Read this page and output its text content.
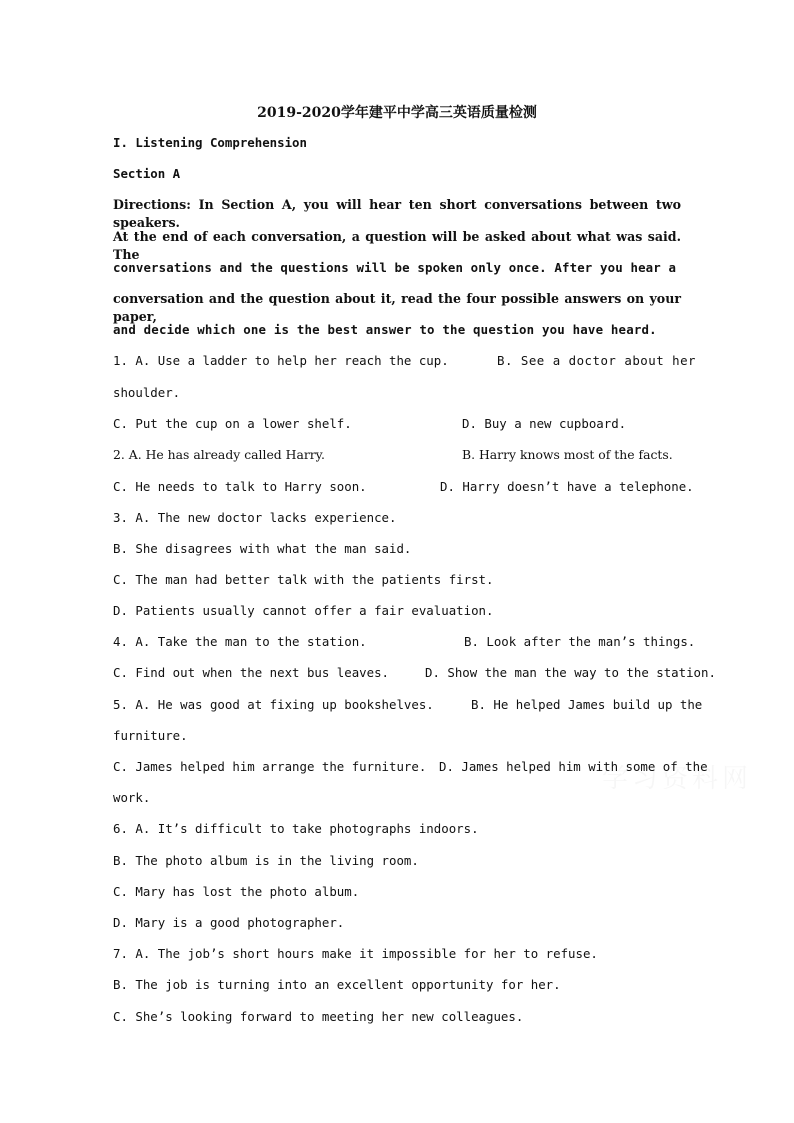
2019-2020学年建平中学高三英语质量检测
I. Listening Comprehension
Section A
Directions: In Section A, you will hear ten short conversations between two speakers.
At the end of each conversation, a question will be asked about what was said. The
conversations and the questions will be spoken only once. After you hear a
conversation and the question about it, read the four possible answers on your paper,
and decide which one is the best answer to the question you have heard.
1. A. Use a ladder to help her reach the cup.	B. See a doctor about her
shoulder.
C. Put the cup on a lower shelf.	D. Buy a new cupboard.
2. A. He has already called Harry.	B. Harry knows most of the facts.
C. He needs to talk to Harry soon.	D. Harry doesn’t have a telephone.
3. A. The new doctor lacks experience.
B. She disagrees with what the man said.
C. The man had better talk with the patients first.
D. Patients usually cannot offer a fair evaluation.
4. A. Take the man to the station.	B. Look after the man’s things.
C. Find out when the next bus leaves.	D. Show the man the way to the station.
5. A. He was good at fixing up bookshelves.	B. He helped James build up the
furniture.
C. James helped him arrange the furniture. D. James helped him with some of the
work.
6. A. It’s difficult to take photographs indoors.
B. The photo album is in the living room.
C. Mary has lost the photo album.
D. Mary is a good photographer.
7. A. The job’s short hours make it impossible for her to refuse.
B. The job is turning into an excellent opportunity for her.
C. She’s looking forward to meeting her new colleagues.
